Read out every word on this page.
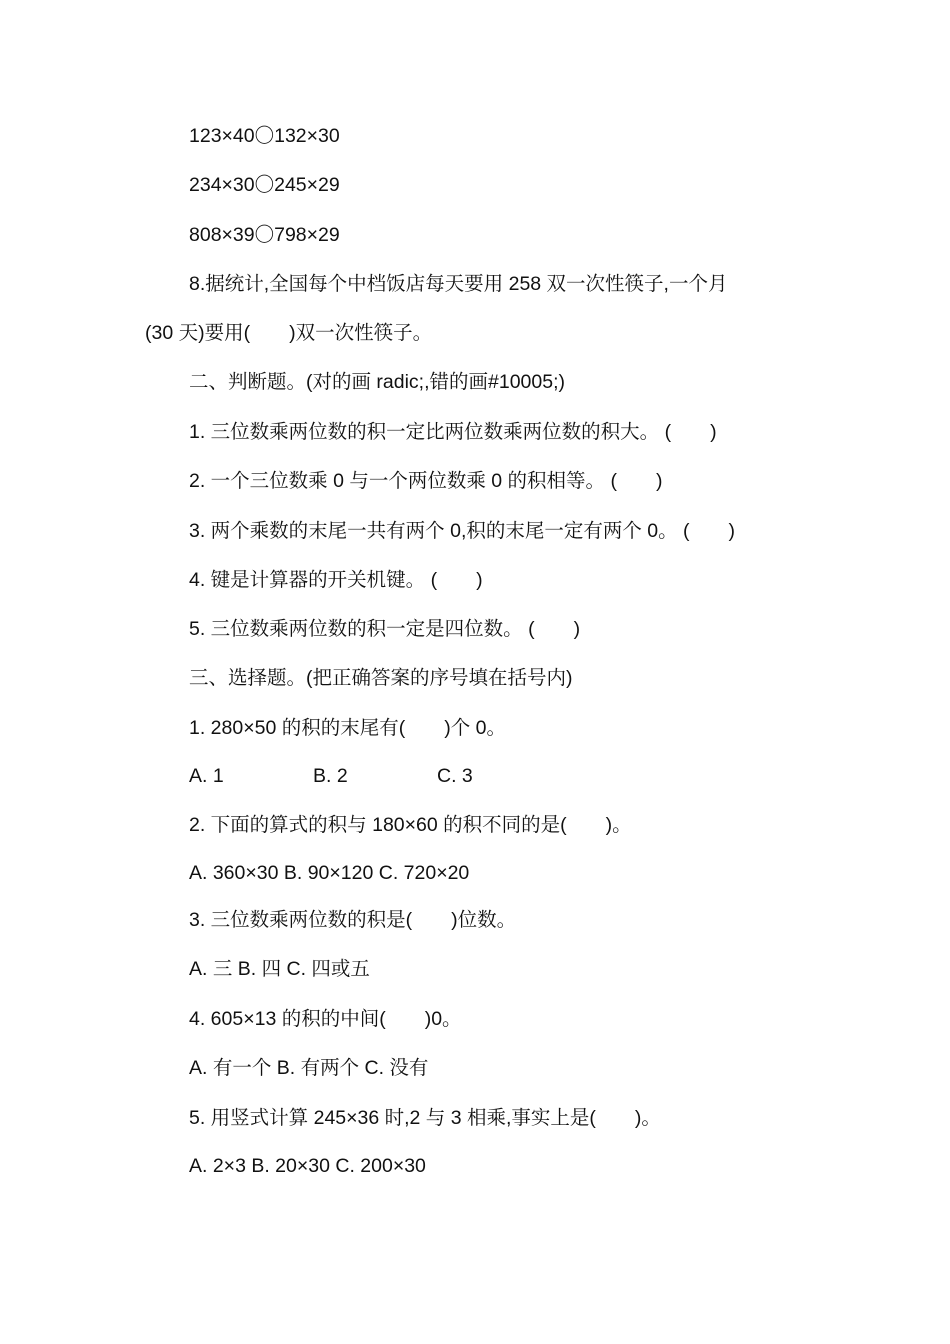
123×40〇132×30
234×30〇245×29
808×39〇798×29
8.据统计,全国每个中档饭店每天要用 258 双一次性筷子,一个月
(30 天)要用(　　)双一次性筷子。
二、判断题。(对的画 radic;,错的画#10005;)
1. 三位数乘两位数的积一定比两位数乘两位数的积大。 (　　)
2. 一个三位数乘 0 与一个两位数乘 0 的积相等。 (　　)
3. 两个乘数的末尾一共有两个 0,积的末尾一定有两个 0。 (　　)
4. 键是计算器的开关机键。 (　　)
5. 三位数乘两位数的积一定是四位数。 (　　)
三、选择题。(把正确答案的序号填在括号内)
1. 280×50 的积的末尾有(　　)个 0。
A. 1	B. 2	C. 3
2. 下面的算式的积与 180×60 的积不同的是(　　)。
A. 360×30 B. 90×120 C. 720×20
3. 三位数乘两位数的积是(　　)位数。
A. 三 B. 四 C. 四或五
4. 605×13 的积的中间(　　)0。
A. 有一个 B. 有两个 C. 没有
5. 用竖式计算 245×36 时,2 与 3 相乘,事实上是(　　)。
A. 2×3 B. 20×30 C. 200×30
